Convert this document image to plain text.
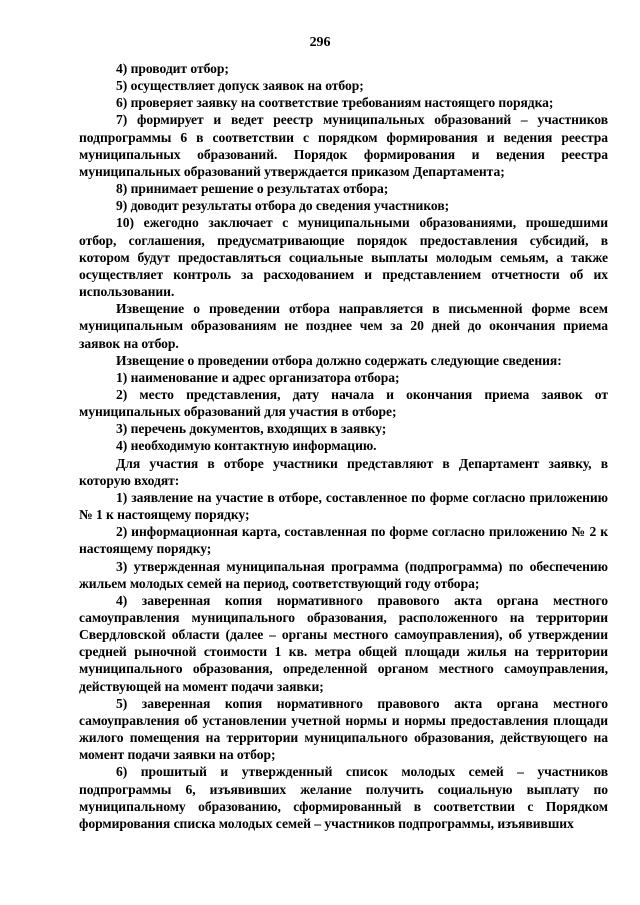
296

4) проводит отбор;

5) осуществляет допуск заявок на отбор;

6) проверяет заявку на соответствие требованиям настоящего порядка;

7) формирует и ведет реестр муниципальных образований – участников подпрограммы 6 в соответствии с порядком формирования и ведения реестра муниципальных образований. Порядок формирования и ведения реестра муниципальных образований утверждается приказом Департамента;

8) принимает решение о результатах отбора;

9) доводит результаты отбора до сведения участников;

10) ежегодно заключает с муниципальными образованиями, прошедшими отбор, соглашения, предусматривающие порядок предоставления субсидий, в котором будут предоставляться социальные выплаты молодым семьям, а также осуществляет контроль за расходованием и представлением отчетности об их использовании.

Извещение о проведении отбора направляется в письменной форме всем муниципальным образованиям не позднее чем за 20 дней до окончания приема заявок на отбор.

Извещение о проведении отбора должно содержать следующие сведения:

1) наименование и адрес организатора отбора;

2) место представления, дату начала и окончания приема заявок от муниципальных образований для участия в отборе;

3) перечень документов, входящих в заявку;

4) необходимую контактную информацию.

Для участия в отборе участники представляют в Департамент заявку, в которую входят:

1) заявление на участие в отборе, составленное по форме согласно приложению № 1 к настоящему порядку;

2) информационная карта, составленная по форме согласно приложению № 2 к настоящему порядку;

3) утвержденная муниципальная программа (подпрограмма) по обеспечению жильем молодых семей на период, соответствующий году отбора;

4) заверенная копия нормативного правового акта органа местного самоуправления муниципального образования, расположенного на территории Свердловской области (далее – органы местного самоуправления), об утверждении средней рыночной стоимости 1 кв. метра общей площади жилья на территории муниципального образования, определенной органом местного самоуправления, действующей на момент подачи заявки;

5) заверенная копия нормативного правового акта органа местного самоуправления об установлении учетной нормы и нормы предоставления площади жилого помещения на территории муниципального образования, действующего на момент подачи заявки на отбор;

6) прошитый и утвержденный список молодых семей – участников подпрограммы 6, изъявивших желание получить социальную выплату по муниципальному образованию, сформированный в соответствии с Порядком формирования списка молодых семей – участников подпрограммы, изъявивших
